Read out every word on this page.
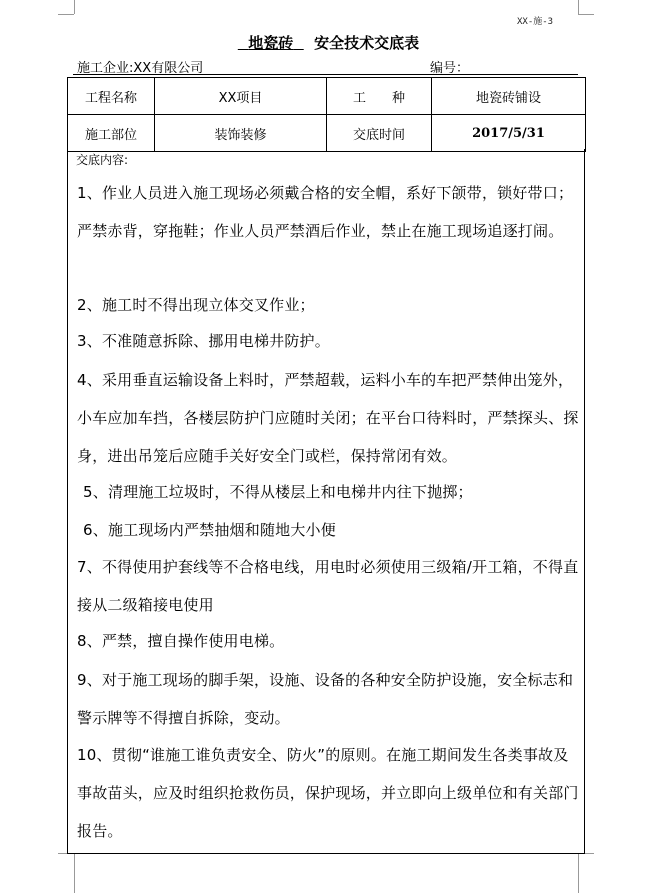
XX-施-3
地瓷砖 安全技术交底表
施工企业:XX有限公司	编号：
工程名称	XX项目	工　　种	地瓷砖铺设
施工部位	装饰装修	交底时间	2017/5/31
交底内容:
1、作业人员进入施工现场必须戴合格的安全帽，系好下颌带，锁好带口；严禁赤背，穿拖鞋；作业人员严禁酒后作业，禁止在施工现场追逐打闹。
2、施工时不得出现立体交叉作业；
3、不准随意拆除、挪用电梯井防护。
4、采用垂直运输设备上料时，严禁超载，运料小车的车把严禁伸出笼外，小车应加车挡，各楼层防护门应随时关闭；在平台口待料时，严禁探头、探身，进出吊笼后应随手关好安全门或栏，保持常闭有效。
5、清理施工垃圾时，不得从楼层上和电梯井内往下抛掷；
6、施工现场内严禁抽烟和随地大小便
7、不得使用护套线等不合格电线，用电时必须使用三级箱/开工箱，不得直接从二级箱接电使用
8、严禁，擅自操作使用电梯。
9、对于施工现场的脚手架，设施、设备的各种安全防护设施，安全标志和警示牌等不得擅自拆除，变动。
10、贯彻“谁施工谁负责安全、防火”的原则。在施工期间发生各类事故及事故苗头，应及时组织抢救伤员，保护现场，并立即向上级单位和有关部门报告。
